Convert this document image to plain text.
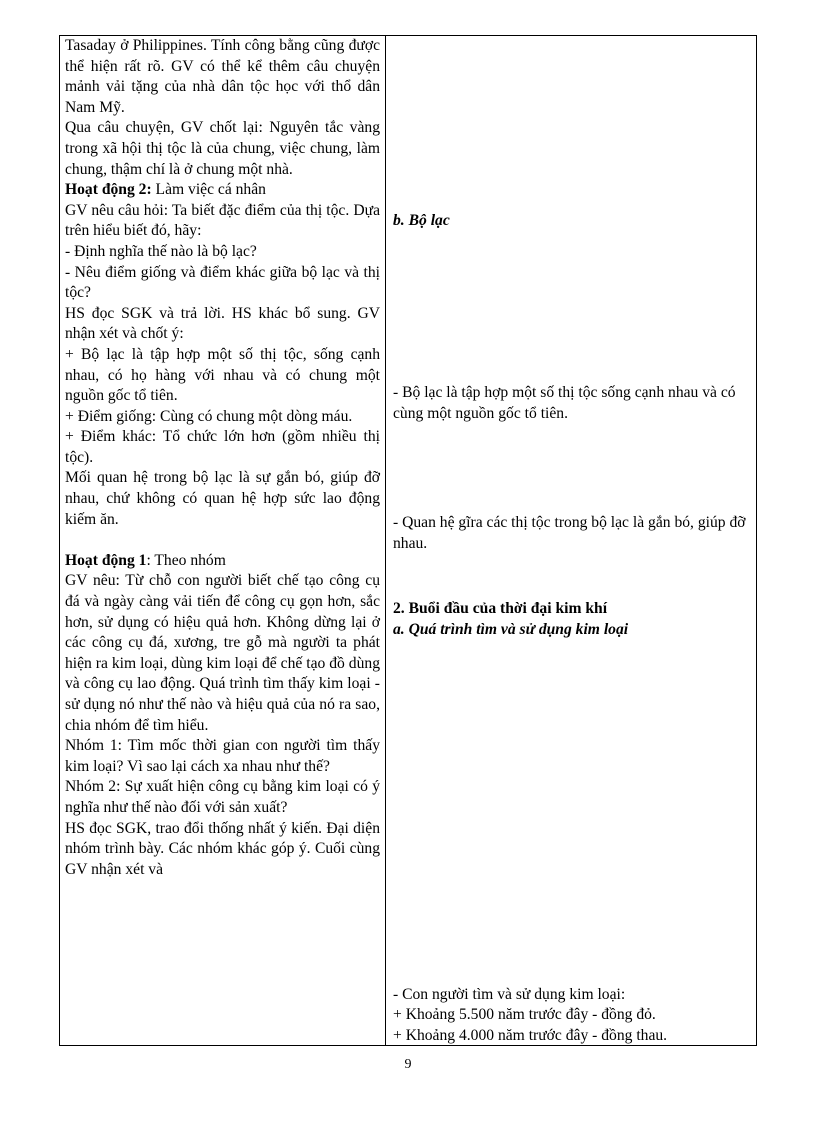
Tasaday ở Philippines. Tính công bằng cũng được thể hiện rất rõ. GV có thể kể thêm câu chuyện mảnh vải tặng của nhà dân tộc học với thổ dân Nam Mỹ.

Qua câu chuyện, GV chốt lại: Nguyên tắc vàng trong xã hội thị tộc là của chung, việc chung, làm chung, thậm chí là ở chung một nhà.

Hoạt động 2: Làm việc cá nhân

GV nêu câu hỏi: Ta biết đặc điểm của thị tộc. Dựa trên hiểu biết đó, hãy:

- Định nghĩa thế nào là bộ lạc?

- Nêu điểm giống và điểm khác giữa bộ lạc và thị tộc?

HS đọc SGK và trả lời. HS khác bổ sung. GV nhận xét và chốt ý:

+ Bộ lạc là tập hợp một số thị tộc, sống cạnh nhau, có họ hàng với nhau và có chung một nguồn gốc tổ tiên.

+ Điểm giống: Cùng có chung một dòng máu.

+ Điểm khác: Tổ chức lớn hơn (gồm nhiều thị tộc).

Mối quan hệ trong bộ lạc là sự gắn bó, giúp đỡ nhau, chứ không có quan hệ hợp sức lao động kiếm ăn.

Hoạt động 1: Theo nhóm

GV nêu: Từ chỗ con người biết chế tạo công cụ đá và ngày càng vải tiến để công cụ gọn hơn, sắc hơn, sử dụng có hiệu quả hơn. Không dừng lại ở các công cụ đá, xương, tre gỗ mà người ta phát hiện ra kim loại, dùng kim loại để chế tạo đồ dùng và công cụ lao động. Quá trình tìm thấy kim loại - sử dụng nó như thế nào và hiệu quả của nó ra sao, chia nhóm để tìm hiểu.

Nhóm 1: Tìm mốc thời gian con người tìm thấy kim loại? Vì sao lại cách xa nhau như thế?

Nhóm 2: Sự xuất hiện công cụ bằng kim loại có ý nghĩa như thế nào đối với sản xuất?

HS đọc SGK, trao đổi thống nhất ý kiến. Đại diện nhóm trình bày. Các nhóm khác góp ý. Cuối cùng GV nhận xét và

b. Bộ lạc

- Bộ lạc là tập hợp một số thị tộc sống cạnh nhau và có cùng một nguồn gốc tổ tiên.

- Quan hệ gĩra các thị tộc trong bộ lạc là gắn bó, giúp đỡ nhau.

2. Buổi đầu của thời đại kim khí

a. Quá trình tìm và sử dụng kim loại

- Con người tìm và sử dụng kim loại:

+ Khoảng 5.500 năm trước đây - đồng đỏ.

+ Khoảng 4.000 năm trước đây - đồng thau.

9
